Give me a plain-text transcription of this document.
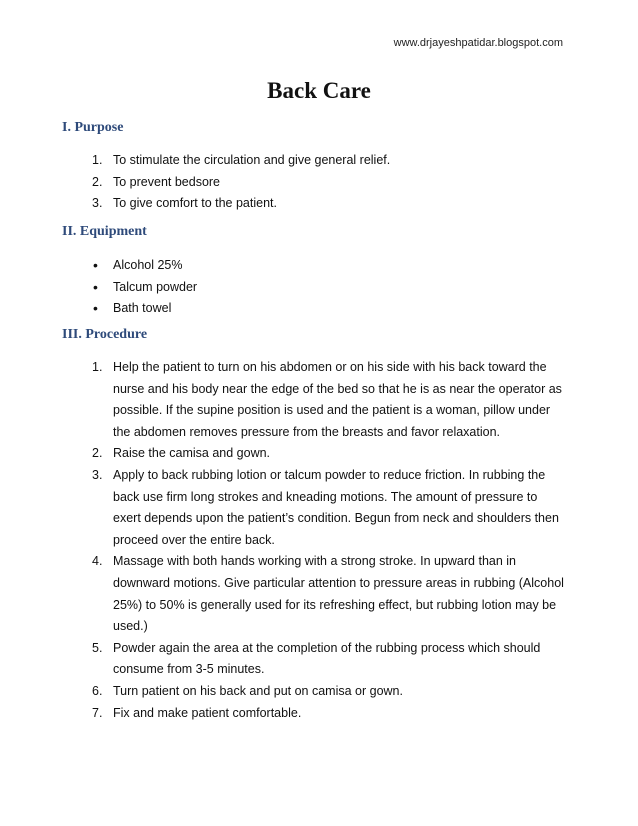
www.drjayeshpatidar.blogspot.com
Back Care
I. Purpose
1. To stimulate the circulation and give general relief.
2. To prevent bedsore
3. To give comfort to the patient.
II. Equipment
• Alcohol 25%
• Talcum powder
• Bath towel
III. Procedure
1. Help the patient to turn on his abdomen or on his side with his back toward the nurse and his body near the edge of the bed so that he is as near the operator as possible. If the supine position is used and the patient is a woman, pillow under the abdomen removes pressure from the breasts and favor relaxation.
2. Raise the camisa and gown.
3. Apply to back rubbing lotion or talcum powder to reduce friction. In rubbing the back use firm long strokes and kneading motions. The amount of pressure to exert depends upon the patient’s condition. Begun from neck and shoulders then proceed over the entire back.
4. Massage with both hands working with a strong stroke. In upward than in downward motions. Give particular attention to pressure areas in rubbing (Alcohol 25%) to 50% is generally used for its refreshing effect, but rubbing lotion may be used.)
5. Powder again the area at the completion of the rubbing process which should consume from 3-5 minutes.
6. Turn patient on his back and put on camisa or gown.
7. Fix and make patient comfortable.
